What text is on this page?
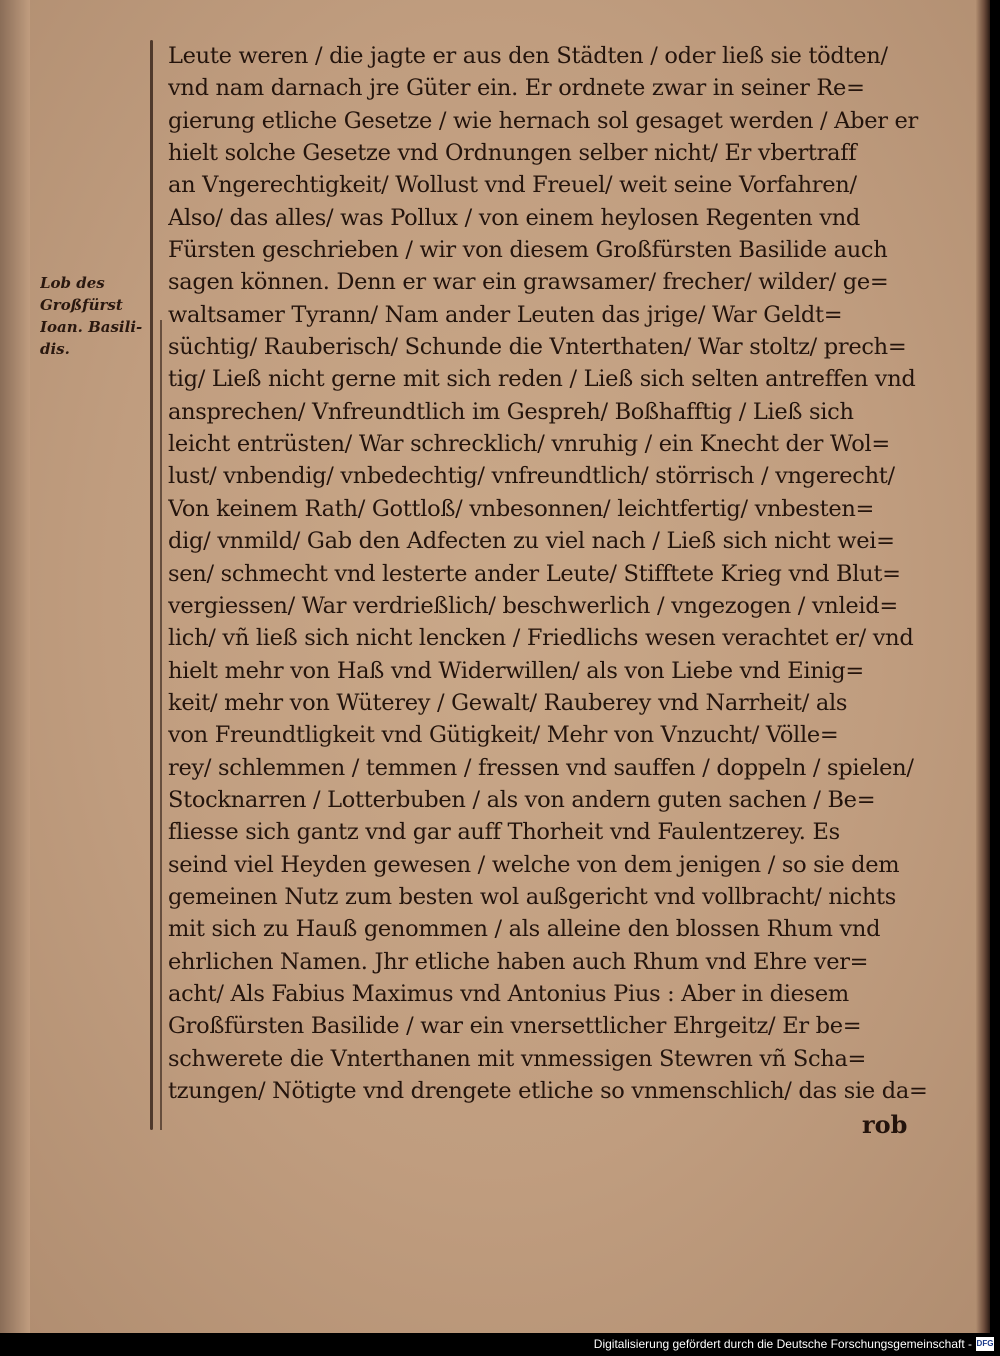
Lob des
Großfürst
Ioan. Basili-
dis.
Leute weren / die jagte er aus den Städten / oder ließ sie tödten/
vnd nam darnach jre Güter ein. Er ordnete zwar in seiner Re=
gierung etliche Gesetze / wie hernach sol gesaget werden / Aber er
hielt solche Gesetze vnd Ordnungen selber nicht/ Er vbertraff
an Vngerechtigkeit/ Wollust vnd Freuel/ weit seine Vorfahren/
Also/ das alles/ was Pollux / von einem heylosen Regenten vnd
Fürsten geschrieben / wir von diesem Großfürsten Basilide auch
sagen können. Denn er war ein grawsamer/ frecher/ wilder/ ge=
waltsamer Tyrann/ Nam ander Leuten das jrige/ War Geldt=
süchtig/ Rauberisch/ Schunde die Vnterthaten/ War stoltz/ prech=
tig/ Ließ nicht gerne mit sich reden / Ließ sich selten antreffen vnd
ansprechen/ Vnfreundtlich im Gespreh/ Boßhafftig / Ließ sich
leicht entrüsten/ War schrecklich/ vnruhig / ein Knecht der Wol=
lust/ vnbendig/ vnbedechtig/ vnfreundtlich/ störrisch / vngerecht/
Von keinem Rath/ Gottloß/ vnbesonnen/ leichtfertig/ vnbesten=
dig/ vnmild/ Gab den Adfecten zu viel nach / Ließ sich nicht wei=
sen/ schmecht vnd lesterte ander Leute/ Stifftete Krieg vnd Blut=
vergiessen/ War verdrießlich/ beschwerlich / vngezogen / vnleid=
lich/ vñ ließ sich nicht lencken / Friedlichs wesen verachtet er/ vnd
hielt mehr von Haß vnd Widerwillen/ als von Liebe vnd Einig=
keit/ mehr von Wüterey / Gewalt/ Rauberey vnd Narrheit/ als
von Freundtligkeit vnd Gütigkeit/ Mehr von Vnzucht/ Völle=
rey/ schlemmen / temmen / fressen vnd sauffen / doppeln / spielen/
Stocknarren / Lotterbuben / als von andern guten sachen / Be=
fliesse sich gantz vnd gar auff Thorheit vnd Faulentzerey. Es
seind viel Heyden gewesen / welche von dem jenigen / so sie dem
gemeinen Nutz zum besten wol außgericht vnd vollbracht/ nichts
mit sich zu Hauß genommen / als alleine den blossen Rhum vnd
ehrlichen Namen. Jhr etliche haben auch Rhum vnd Ehre ver=
acht/ Als Fabius Maximus vnd Antonius Pius : Aber in diesem
Großfürsten Basilide / war ein vnersettlicher Ehrgeitz/ Er be=
schwerete die Vnterthanen mit vnmessigen Stewren vñ Scha=
tzungen/ Nötigte vnd drengete etliche so vnmenschlich/ das sie da=
rob
Digitalisierung gefördert durch die Deutsche Forschungsgemeinschaft - DFG
